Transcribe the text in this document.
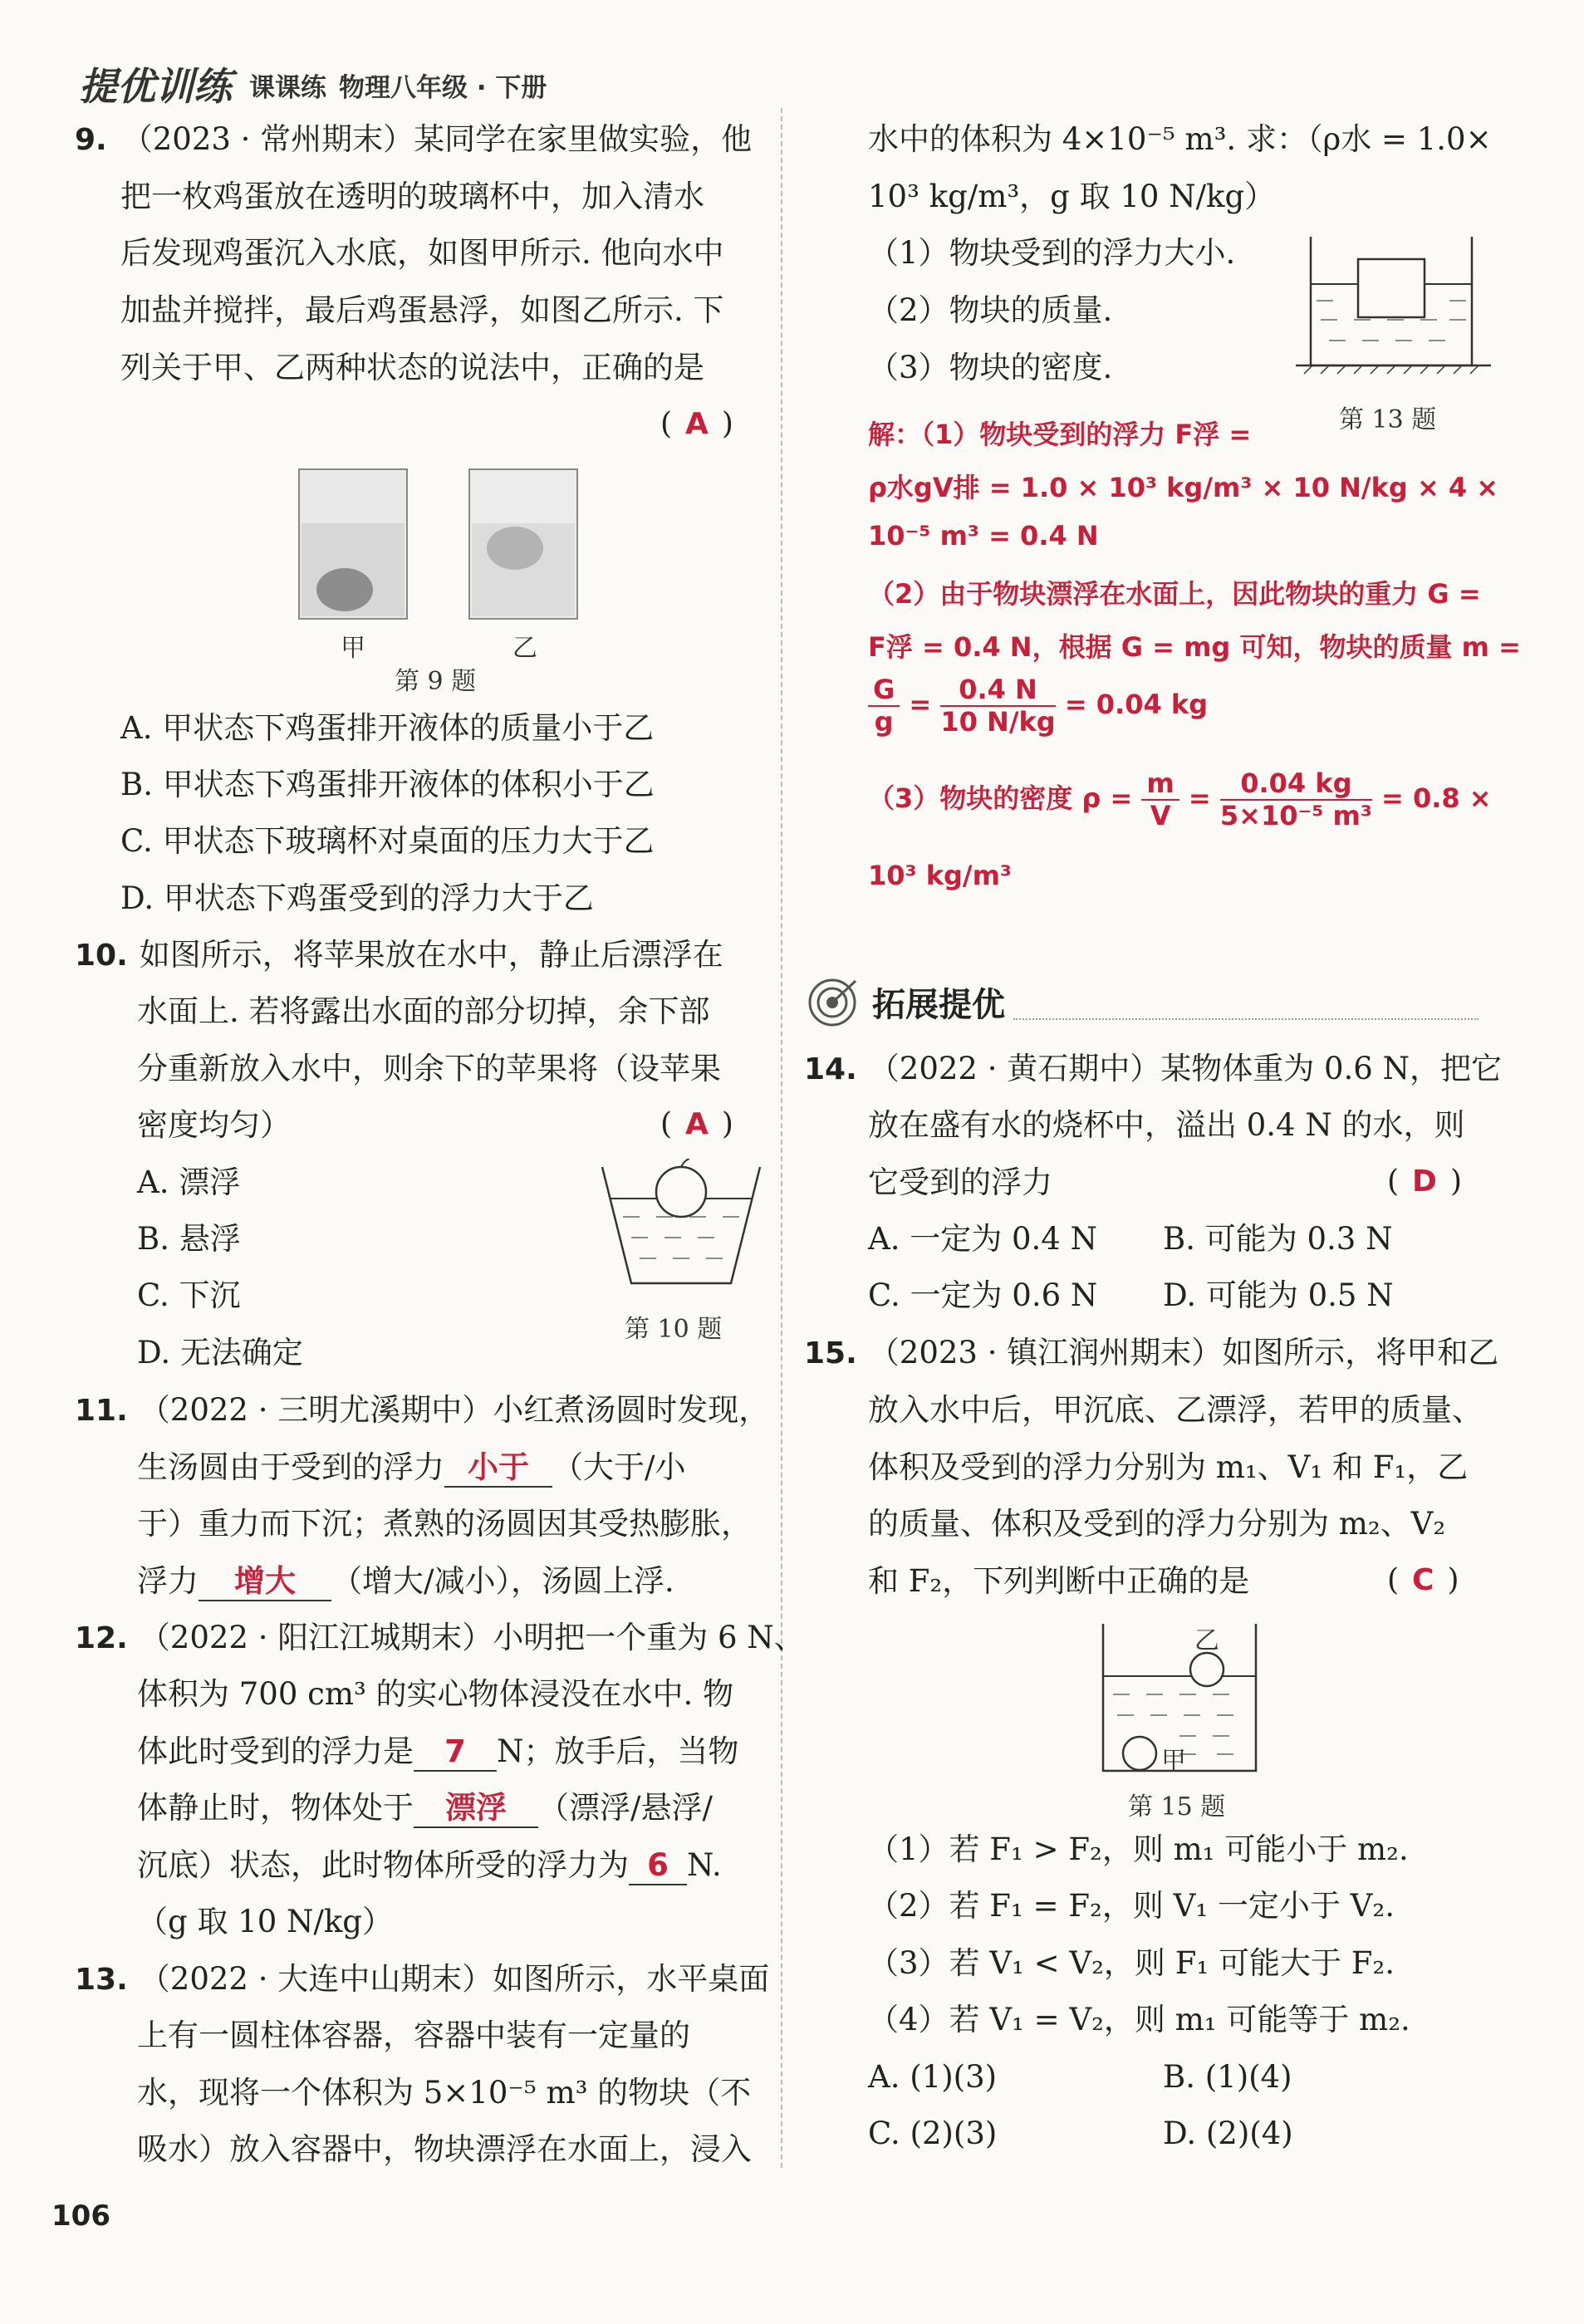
提优训练 课课练 物理八年级 · 下册
9. （2023 · 常州期末）某同学在家里做实验，他
把一枚鸡蛋放在透明的玻璃杯中，加入清水
后发现鸡蛋沉入水底，如图甲所示. 他向水中
加盐并搅拌，最后鸡蛋悬浮，如图乙所示. 下
列关于甲、乙两种状态的说法中，正确的是
( A )
甲	乙
第 9 题
A. 甲状态下鸡蛋排开液体的质量小于乙
B. 甲状态下鸡蛋排开液体的体积小于乙
C. 甲状态下玻璃杯对桌面的压力大于乙
D. 甲状态下鸡蛋受到的浮力大于乙
10. 如图所示，将苹果放在水中，静止后漂浮在
水面上. 若将露出水面的部分切掉，余下部
分重新放入水中，则余下的苹果将（设苹果
密度均匀）	( A )
A. 漂浮
B. 悬浮
C. 下沉
D. 无法确定
第 10 题
11. （2022 · 三明尤溪期中）小红煮汤圆时发现，
生汤圆由于受到的浮力 小于 （大于/小
于）重力而下沉；煮熟的汤圆因其受热膨胀，
浮力 增大 （增大/减小），汤圆上浮.
12. （2022 · 阳江江城期末）小明把一个重为 6 N、
体积为 700 cm³ 的实心物体浸没在水中. 物
体此时受到的浮力是 7 N；放手后，当物
体静止时，物体处于 漂浮 （漂浮/悬浮/
沉底）状态，此时物体所受的浮力为 6 N.
（g 取 10 N/kg）
13. （2022 · 大连中山期末）如图所示，水平桌面
上有一圆柱体容器，容器中装有一定量的
水，现将一个体积为 5×10⁻⁵ m³ 的物块（不
吸水）放入容器中，物块漂浮在水面上，浸入
106
水中的体积为 4×10⁻⁵ m³. 求：（ρ水 = 1.0×
10³ kg/m³，g 取 10 N/kg）
（1）物块受到的浮力大小.
（2）物块的质量.
（3）物块的密度.
第 13 题
解：（1）物块受到的浮力 F浮 =
ρ水gV排 = 1.0 × 10³ kg/m³ × 10 N/kg × 4 ×
10⁻⁵ m³ = 0.4 N
（2）由于物块漂浮在水面上，因此物块的重力 G =
F浮 = 0.4 N，根据 G = mg 可知，物块的质量 m =
$\frac{G}{g} = \frac{0.4 N}{10 N/kg} = 0.04$ kg
（3）物块的密度 $\rho = \frac{m}{V} = \frac{0.04 kg}{\text{5×10⁻⁵ m³}} = 0.8$ ×
10³ kg/m³
拓展提优
14. （2022 · 黄石期中）某物体重为 0.6 N，把它
放在盛有水的烧杯中，溢出 0.4 N 的水，则
它受到的浮力	( D )
A. 一定为 0.4 N B. 可能为 0.3 N
C. 一定为 0.6 N D. 可能为 0.5 N
15. （2023 · 镇江润州期末）如图所示，将甲和乙
放入水中后，甲沉底、乙漂浮，若甲的质量、
体积及受到的浮力分别为 m₁、V₁ 和 F₁，乙
的质量、体积及受到的浮力分别为 m₂、V₂
和 F₂，下列判断中正确的是	( C )
乙
甲
第 15 题
（1）若 F₁ > F₂，则 m₁ 可能小于 m₂.
（2）若 F₁ = F₂，则 V₁ 一定小于 V₂.
（3）若 V₁ < V₂，则 F₁ 可能大于 F₂.
（4）若 V₁ = V₂，则 m₁ 可能等于 m₂.
A. (1)(3)	B. (1)(4)
C. (2)(3)	D. (2)(4)
